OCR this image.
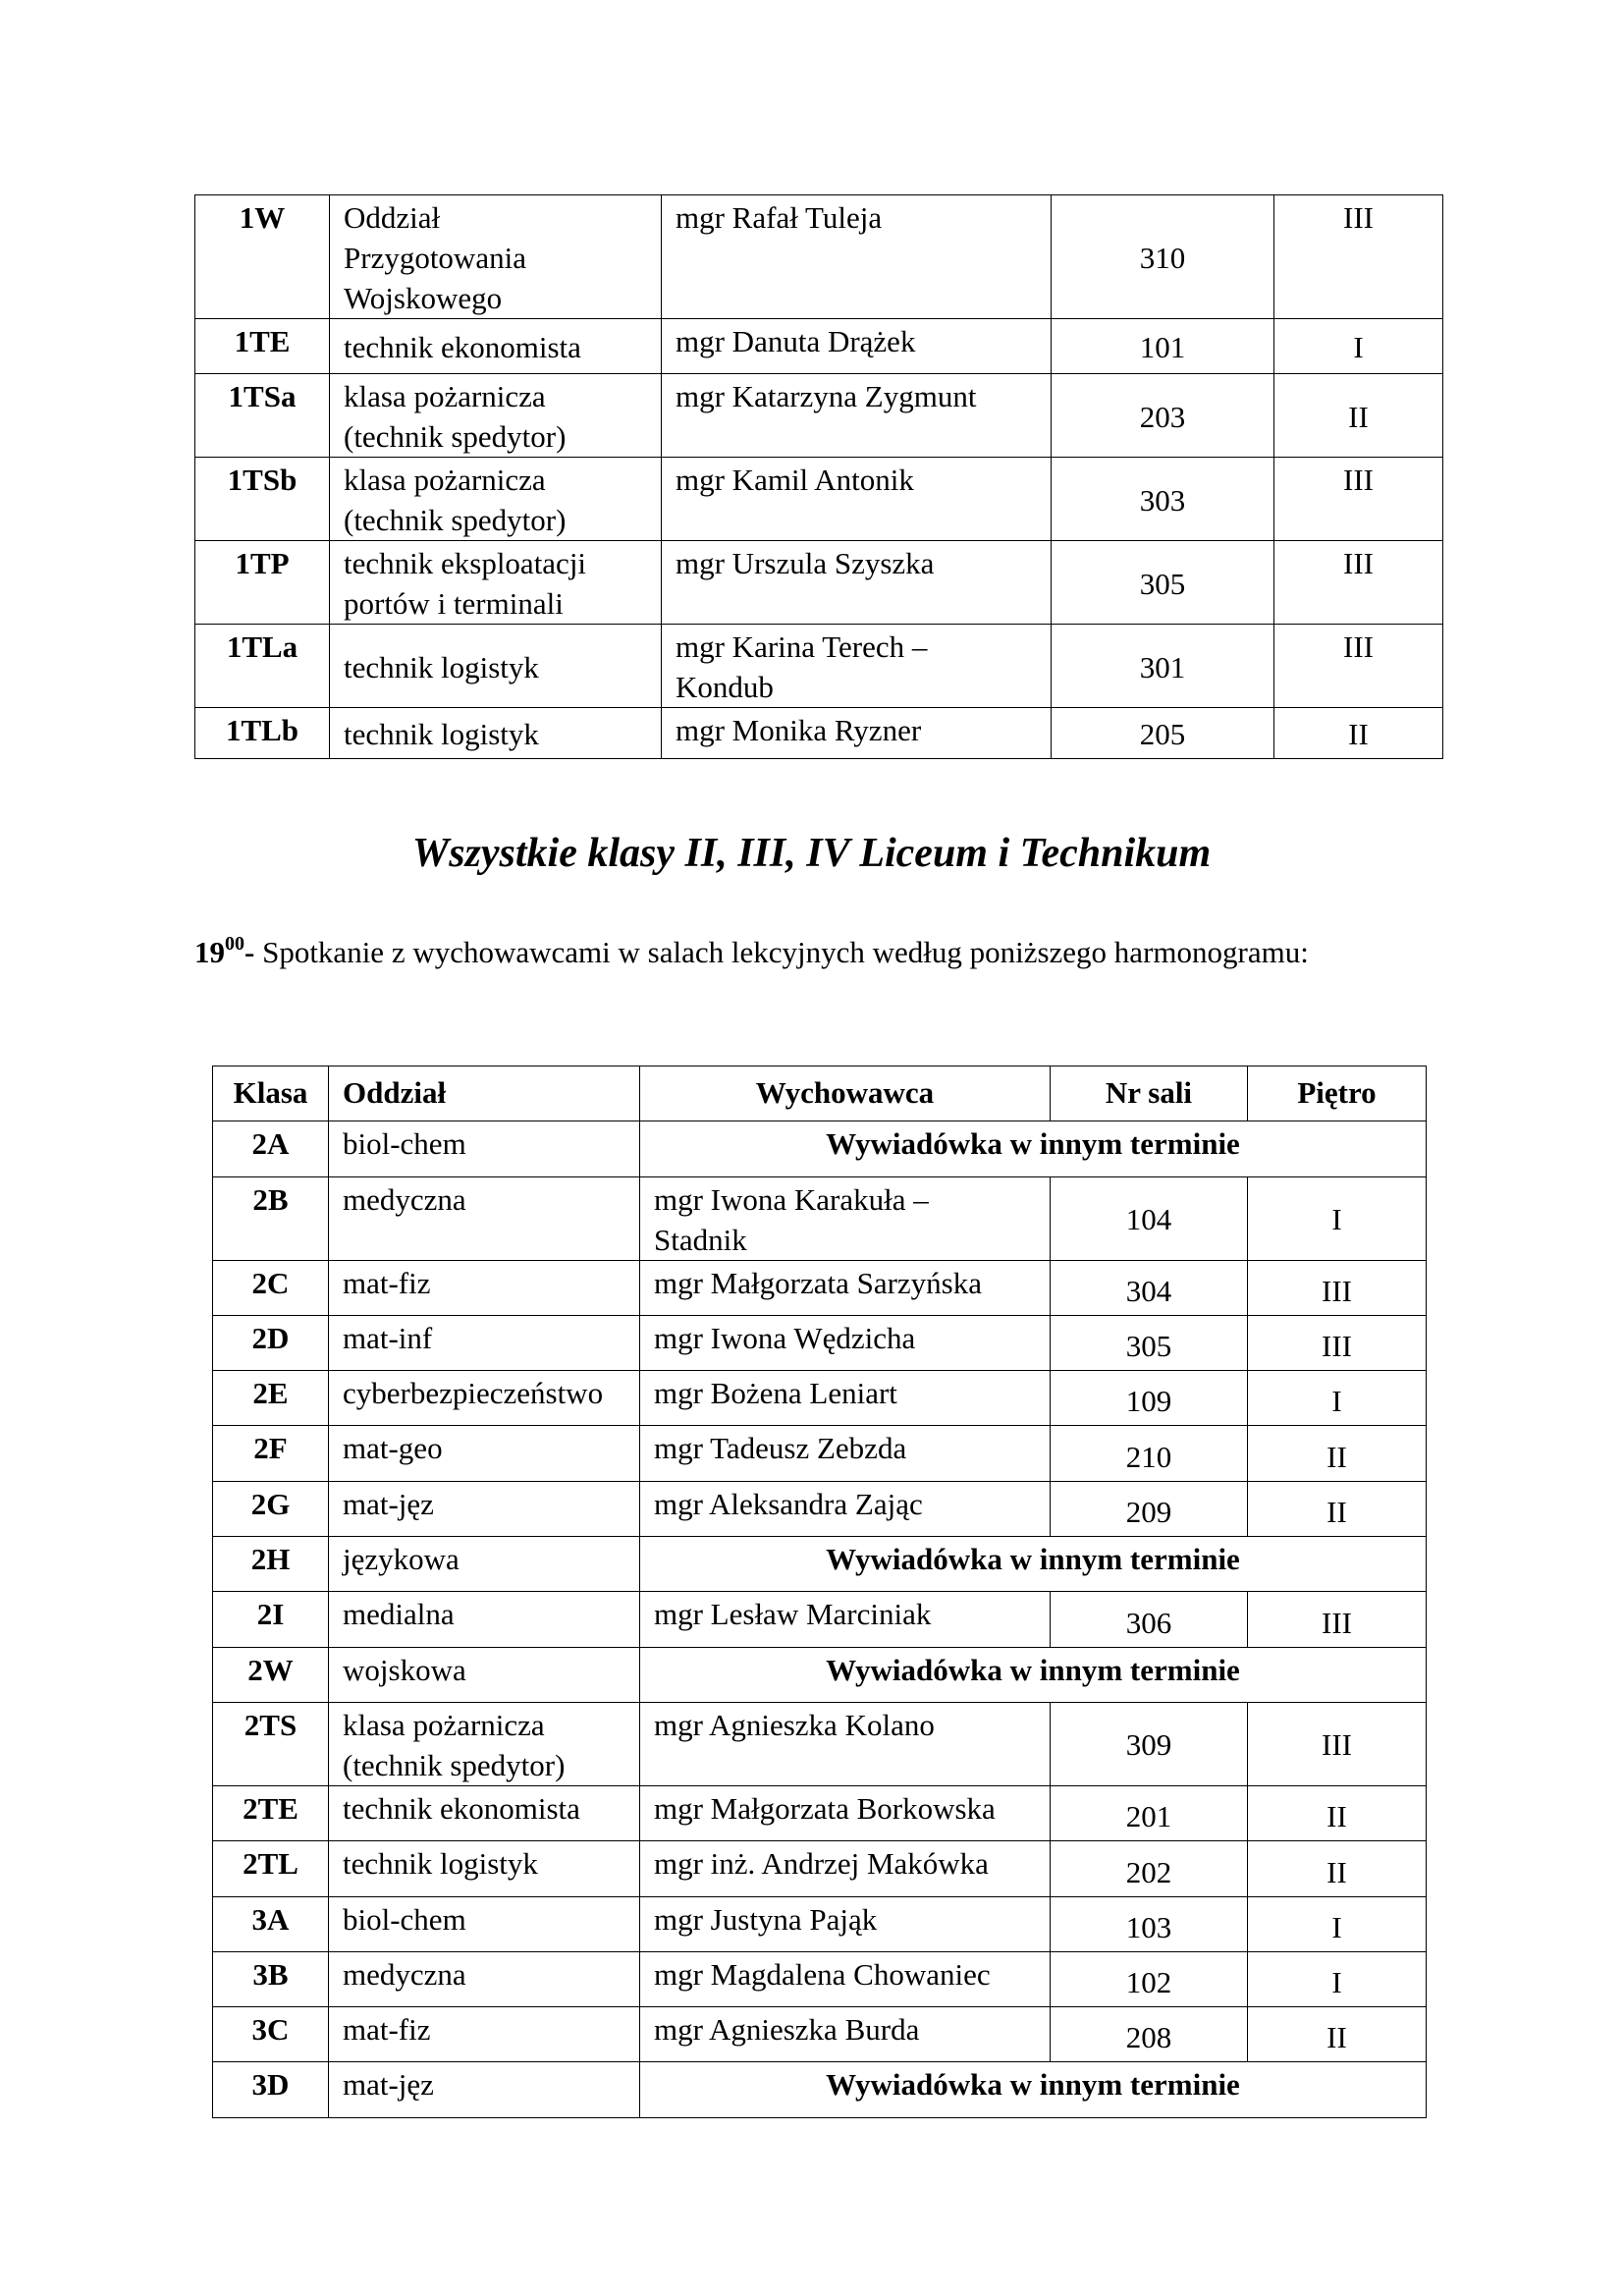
1W	Oddział
Przygotowania
Wojskowego	mgr Rafał Tuleja	310	III
1TE	technik ekonomista	mgr Danuta Drążek	101	I
1TSa	klasa pożarnicza
(technik spedytor)	mgr Katarzyna Zygmunt	203	II
1TSb	klasa pożarnicza
(technik spedytor)	mgr Kamil Antonik	303	III
1TP	technik eksploatacji
portów i terminali	mgr Urszula Szyszka	305	III
1TLa	technik logistyk	mgr Karina Terech –
Kondub	301	III
1TLb	technik logistyk	mgr Monika Ryzner	205	II
Wszystkie klasy II, III, IV Liceum i Technikum
$19^{00}-$ Spotkanie z wychowawcami w salach lekcyjnych według poniższego harmonogramu:
Klasa	Oddział	Wychowawca	Nr sali	Piętro
2A	biol-chem	Wywiadówka w innym terminie		
2B	medyczna	mgr Iwona Karakuła –
Stadnik	104	I
2C	mat-fiz	mgr Małgorzata Sarzyńska	304	III
2D	mat-inf	mgr Iwona Wędzicha	305	III
2E	cyberbezpieczeństwo	mgr Bożena Leniart	109	I
2F	mat-geo	mgr Tadeusz Zebzda	210	II
2G	mat-jęz	mgr Aleksandra Zając	209	II
2H	językowa	Wywiadówka w innym terminie		
2I	medialna	mgr Lesław Marciniak	306	III
2W	wojskowa	Wywiadówka w innym terminie		
2TS	klasa pożarnicza
(technik spedytor)	mgr Agnieszka Kolano	309	III
2TE	technik ekonomista	mgr Małgorzata Borkowska	201	II
2TL	technik logistyk	mgr inż. Andrzej Makówka	202	II
3A	biol-chem	mgr Justyna Pająk	103	I
3B	medyczna	mgr Magdalena Chowaniec	102	I
3C	mat-fiz	mgr Agnieszka Burda	208	II
3D	mat-jęz	Wywiadówka w innym terminie		
